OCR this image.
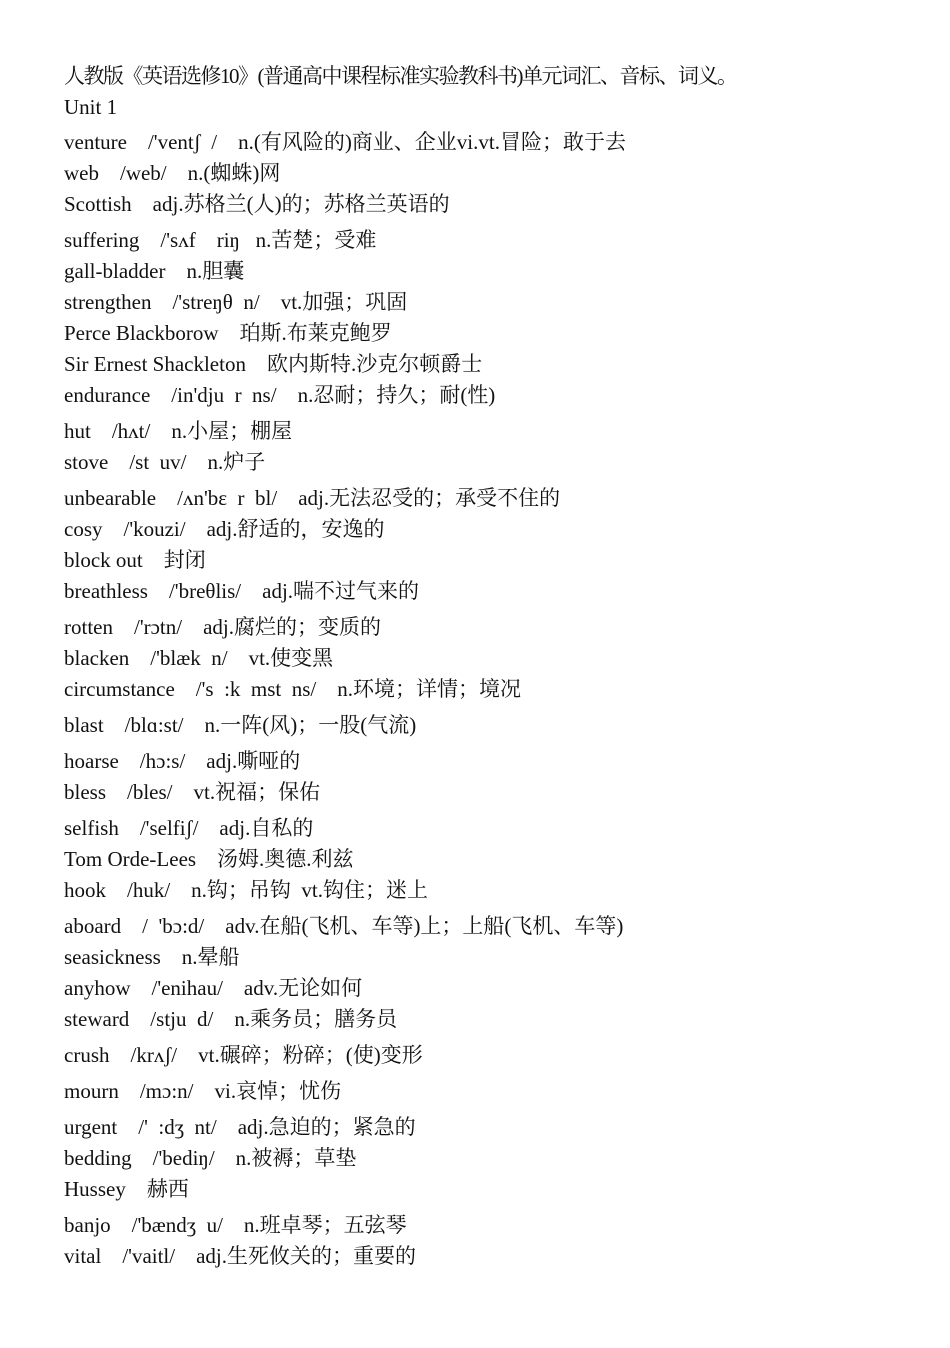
人教版《英语选修10》(普通高中课程标准实验教科书)单元词汇、音标、词义。
Unit 1
venture    /'ventʃ  /    n.(有风险的)商业、企业vi.vt.冒险；敢于去
web    /web/    n.(蜘蛛)网
Scottish    adj.苏格兰(人)的；苏格兰英语的
suffering    /'sʌf    riŋ   n.苦楚；受难
gall-bladder    n.胆囊
strengthen    /'streŋθ  n/    vt.加强；巩固
Perce Blackborow    珀斯.布莱克鲍罗
Sir Ernest Shackleton    欧内斯特.沙克尔顿爵士
endurance    /in'dju  r  ns/    n.忍耐；持久；耐(性)
hut    /hʌt/    n.小屋；棚屋
stove    /st  uv/    n.炉子
unbearable    /ʌn'bɛ  r  bl/    adj.无法忍受的；承受不住的
cosy    /'kouzi/    adj.舒适的，安逸的
block out    封闭
breathless    /'breθlis/    adj.喘不过气来的
rotten    /'rɔtn/    adj.腐烂的；变质的
blacken    /'blæk  n/    vt.使变黑
circumstance    /'s  :k  mst  ns/    n.环境；详情；境况
blast    /blɑ:st/    n.一阵(风)；一股(气流)
hoarse    /hɔ:s/    adj.嘶哑的
bless    /bles/    vt.祝福；保佑
selfish    /'selfiʃ/    adj.自私的
Tom Orde-Lees    汤姆.奥德.利兹
hook    /huk/    n.钩；吊钩  vt.钩住；迷上
aboard    /  'bɔ:d/    adv.在船(飞机、车等)上；上船(飞机、车等)
seasickness    n.晕船
anyhow    /'enihau/    adv.无论如何
steward    /stju  d/    n.乘务员；膳务员
crush    /krʌʃ/    vt.碾碎；粉碎；(使)变形
mourn    /mɔ:n/    vi.哀悼；忧伤
urgent    /'  :dʒ  nt/    adj.急迫的；紧急的
bedding    /'bediŋ/    n.被褥；草垫
Hussey    赫西
banjo    /'bændʒ  u/    n.班卓琴；五弦琴
vital    /'vaitl/    adj.生死攸关的；重要的
